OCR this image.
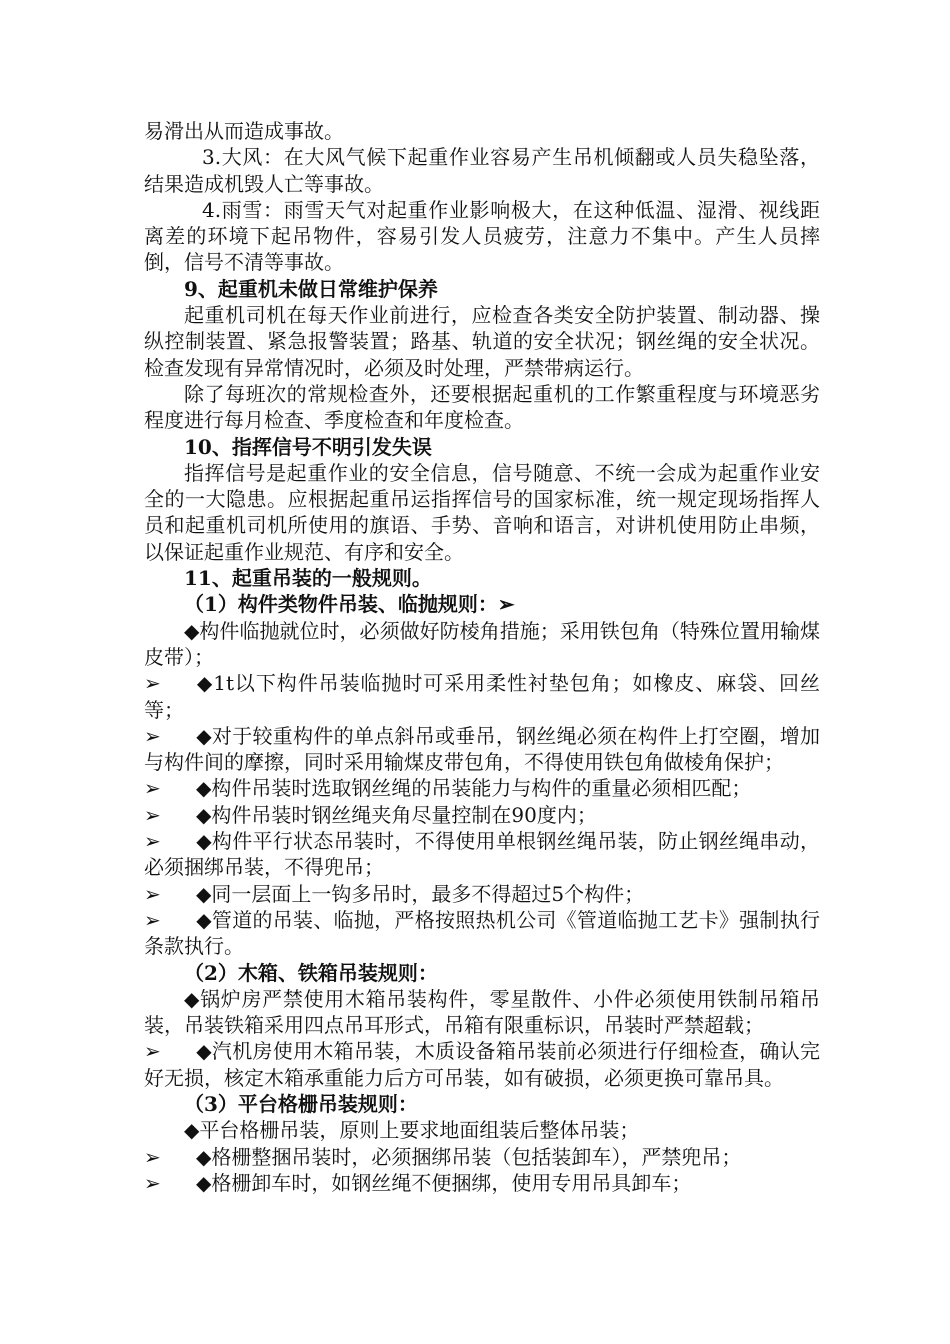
易滑出从而造成事故。

3.大风：在大风气候下起重作业容易产生吊机倾翻或人员失稳坠落，结果造成机毁人亡等事故。

4.雨雪：雨雪天气对起重作业影响极大，在这种低温、湿滑、视线距离差的环境下起吊物件，容易引发人员疲劳，注意力不集中。产生人员摔倒，信号不清等事故。

9、起重机未做日常维护保养

起重机司机在每天作业前进行，应检查各类安全防护装置、制动器、操纵控制装置、紧急报警装置；路基、轨道的安全状况；钢丝绳的安全状况。检查发现有异常情况时，必须及时处理，严禁带病运行。

除了每班次的常规检查外，还要根据起重机的工作繁重程度与环境恶劣程度进行每月检查、季度检查和年度检查。

10、指挥信号不明引发失误

指挥信号是起重作业的安全信息，信号随意、不统一会成为起重作业安全的一大隐患。应根据起重吊运指挥信号的国家标准，统一规定现场指挥人员和起重机司机所使用的旗语、手势、音响和语言，对讲机使用防止串频，以保证起重作业规范、有序和安全。

11、起重吊装的一般规则。

（1）构件类物件吊装、临抛规则：➢

◆构件临抛就位时，必须做好防棱角措施；采用铁包角（特殊位置用输煤皮带）；

➢ ◆1t以下构件吊装临抛时可采用柔性衬垫包角；如橡皮、麻袋、回丝等；

➢ ◆对于较重构件的单点斜吊或垂吊，钢丝绳必须在构件上打空圈，增加与构件间的摩擦，同时采用输煤皮带包角，不得使用铁包角做棱角保护；

➢ ◆构件吊装时选取钢丝绳的吊装能力与构件的重量必须相匹配；

➢ ◆构件吊装时钢丝绳夹角尽量控制在90度内；

➢ ◆构件平行状态吊装时，不得使用单根钢丝绳吊装，防止钢丝绳串动，必须捆绑吊装，不得兜吊；

➢ ◆同一层面上一钩多吊时，最多不得超过5个构件；

➢ ◆管道的吊装、临抛，严格按照热机公司《管道临抛工艺卡》强制执行条款执行。

（2）木箱、铁箱吊装规则：

◆锅炉房严禁使用木箱吊装构件，零星散件、小件必须使用铁制吊箱吊装，吊装铁箱采用四点吊耳形式，吊箱有限重标识，吊装时严禁超载；

➢ ◆汽机房使用木箱吊装，木质设备箱吊装前必须进行仔细检查，确认完好无损，核定木箱承重能力后方可吊装，如有破损，必须更换可靠吊具。

（3）平台格栅吊装规则：

◆平台格栅吊装，原则上要求地面组装后整体吊装；

➢ ◆格栅整捆吊装时，必须捆绑吊装（包括装卸车），严禁兜吊；

➢ ◆格栅卸车时，如钢丝绳不便捆绑，使用专用吊具卸车；
